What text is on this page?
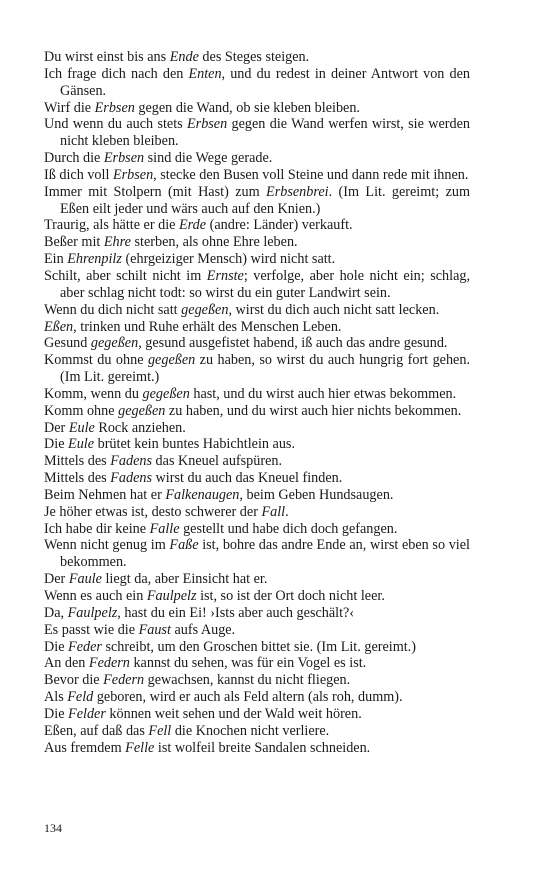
Du wirst einst bis ans Ende des Steges steigen.

Ich frage dich nach den Enten, und du redest in deiner Antwort von den Gänsen.

Wirf die Erbsen gegen die Wand, ob sie kleben bleiben.

Und wenn du auch stets Erbsen gegen die Wand werfen wirst, sie werden nicht kleben bleiben.

Durch die Erbsen sind die Wege gerade.

Iß dich voll Erbsen, stecke den Busen voll Steine und dann rede mit ihnen.

Immer mit Stolpern (mit Hast) zum Erbsenbrei. (Im Lit. gereimt; zum Eßen eilt jeder und wärs auch auf den Knien.)

Traurig, als hätte er die Erde (andre: Länder) verkauft.

Beßer mit Ehre sterben, als ohne Ehre leben.

Ein Ehrenpilz (ehrgeiziger Mensch) wird nicht satt.

Schilt, aber schilt nicht im Ernste; verfolge, aber hole nicht ein; schlag, aber schlag nicht todt: so wirst du ein guter Landwirt sein.

Wenn du dich nicht satt gegeßen, wirst du dich auch nicht satt lecken.

Eßen, trinken und Ruhe erhält des Menschen Leben.

Gesund gegeßen, gesund ausgefistet habend, iß auch das andre gesund.

Kommst du ohne gegeßen zu haben, so wirst du auch hungrig fort gehen. (Im Lit. gereimt.)

Komm, wenn du gegeßen hast, und du wirst auch hier etwas bekommen.

Komm ohne gegeßen zu haben, und du wirst auch hier nichts bekommen.

Der Eule Rock anziehen.

Die Eule brütet kein buntes Habichtlein aus.

Mittels des Fadens das Kneuel aufspüren.

Mittels des Fadens wirst du auch das Kneuel finden.

Beim Nehmen hat er Falkenaugen, beim Geben Hundsaugen.

Je höher etwas ist, desto schwerer der Fall.

Ich habe dir keine Falle gestellt und habe dich doch gefangen.

Wenn nicht genug im Faße ist, bohre das andre Ende an, wirst eben so viel bekommen.

Der Faule liegt da, aber Einsicht hat er.

Wenn es auch ein Faulpelz ist, so ist der Ort doch nicht leer.

Da, Faulpelz, hast du ein Ei! ›Ists aber auch geschält?‹

Es passt wie die Faust aufs Auge.

Die Feder schreibt, um den Groschen bittet sie. (Im Lit. gereimt.)

An den Federn kannst du sehen, was für ein Vogel es ist.

Bevor die Federn gewachsen, kannst du nicht fliegen.

Als Feld geboren, wird er auch als Feld altern (als roh, dumm).

Die Felder können weit sehen und der Wald weit hören.

Eßen, auf daß das Fell die Knochen nicht verliere.

Aus fremdem Felle ist wolfeil breite Sandalen schneiden.

134
